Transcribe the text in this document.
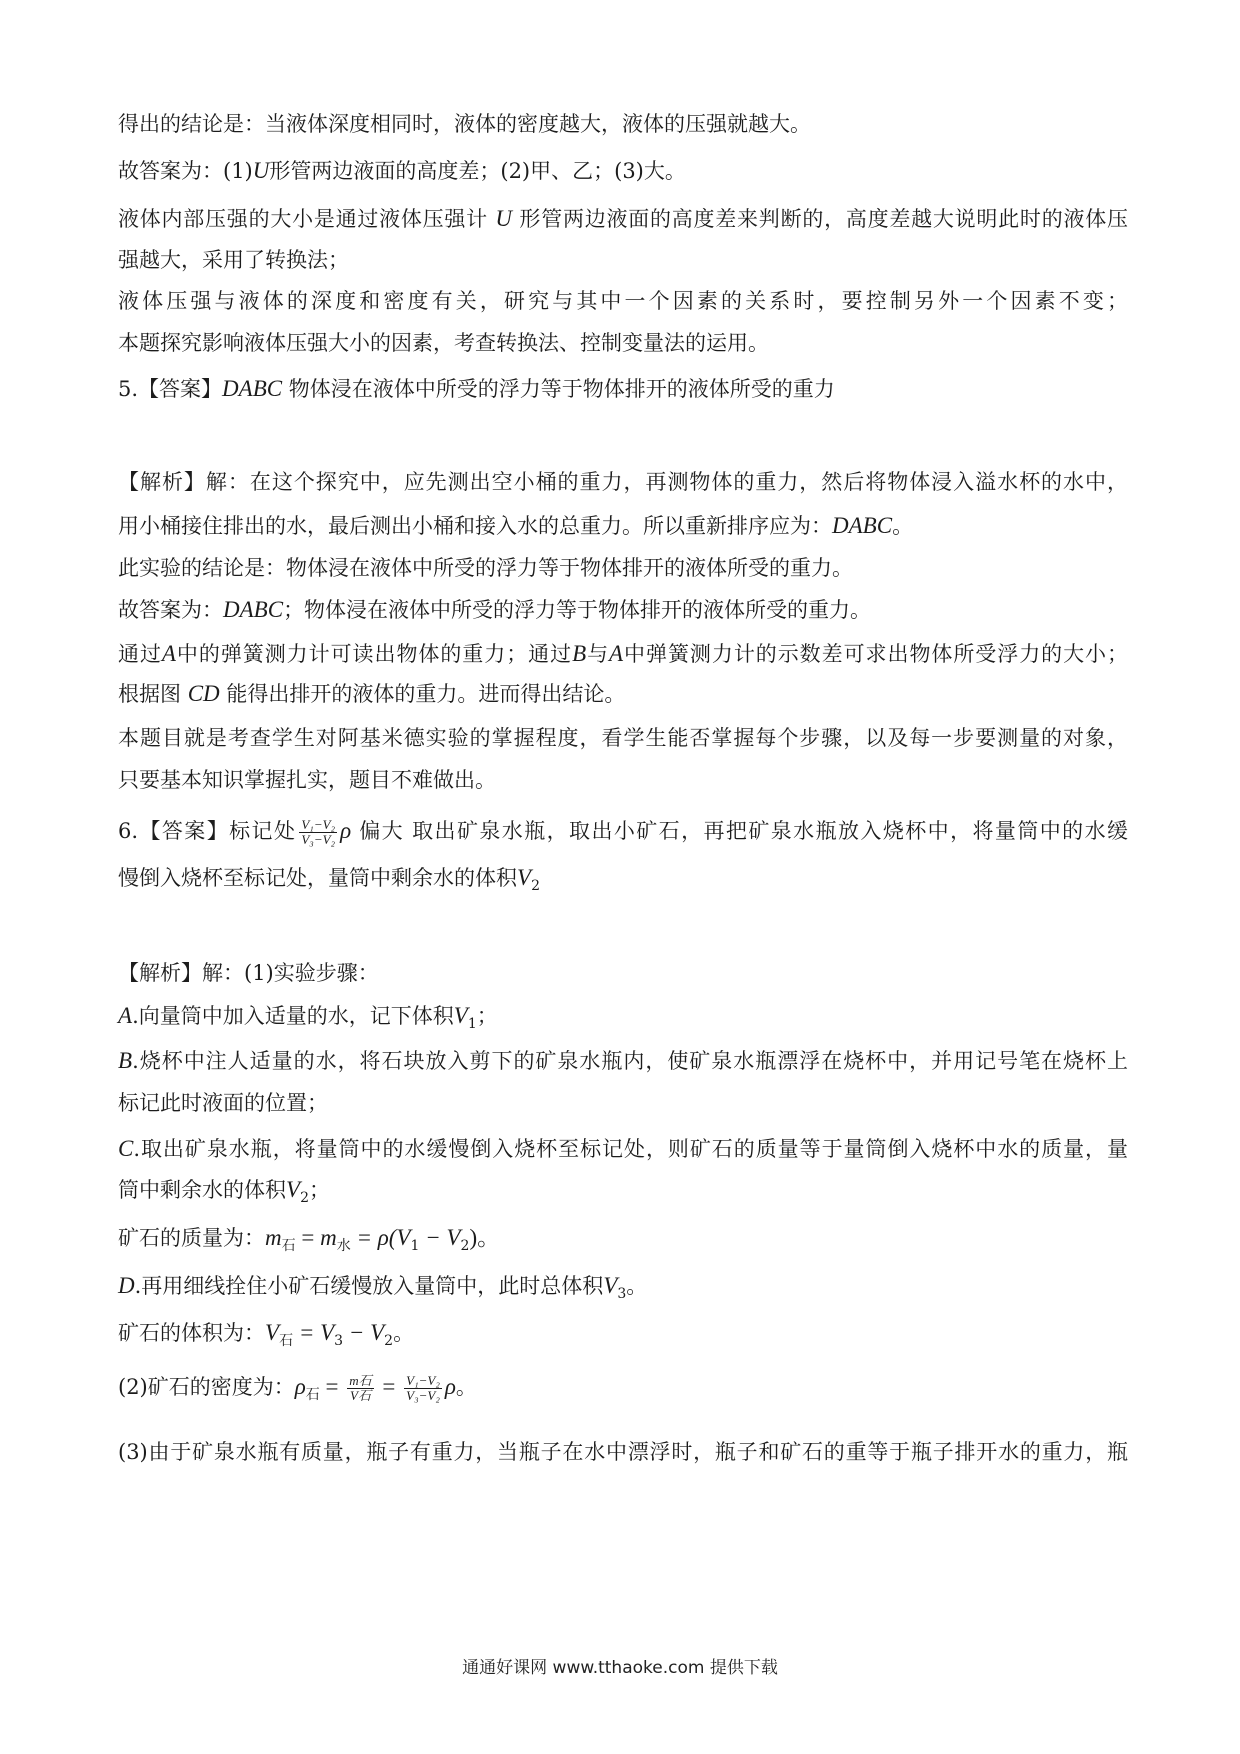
得出的结论是：当液体深度相同时，液体的密度越大，液体的压强就越大。
故答案为：(1)U形管两边液面的高度差；(2)甲、乙；(3)大。
液体内部压强的大小是通过液体压强计 U 形管两边液面的高度差来判断的，高度差越大说明此时的液体压
强越大，采用了转换法；
液体压强与液体的深度和密度有关，研究与其中一个因素的关系时，要控制另外一个因素不变；
本题探究影响液体压强大小的因素，考查转换法、控制变量法的运用。
5.【答案】DABC 物体浸在液体中所受的浮力等于物体排开的液体所受的重力
【解析】解：在这个探究中，应先测出空小桶的重力，再测物体的重力，然后将物体浸入溢水杯的水中，
用小桶接住排出的水，最后测出小桶和接入水的总重力。所以重新排序应为：DABC。
此实验的结论是：物体浸在液体中所受的浮力等于物体排开的液体所受的重力。
故答案为：DABC；物体浸在液体中所受的浮力等于物体排开的液体所受的重力。
通过A中的弹簧测力计可读出物体的重力；通过B与A中弹簧测力计的示数差可求出物体所受浮力的大小；
根据图 CD 能得出排开的液体的重力。进而得出结论。
本题目就是考查学生对阿基米德实验的掌握程度，看学生能否掌握每个步骤，以及每一步要测量的对象，
只要基本知识掌握扎实，题目不难做出。
6.【答案】标记处 $\frac{\text{V₁−V₂}}{\text{V₃−V₂}}$ ρ 偏大 取出矿泉水瓶，取出小矿石，再把矿泉水瓶放入烧杯中，将量筒中的水缓
慢倒入烧杯至标记处，量筒中剩余水的体积$V_2$
【解析】解：(1)实验步骤：
A.向量筒中加入适量的水，记下体积$V_1$；
B.烧杯中注人适量的水，将石块放入剪下的矿泉水瓶内，使矿泉水瓶漂浮在烧杯中，并用记号笔在烧杯上
标记此时液面的位置；
C.取出矿泉水瓶，将量筒中的水缓慢倒入烧杯至标记处，则矿石的质量等于量筒倒入烧杯中水的质量，量
筒中剩余水的体积$V_2$；
矿石的质量为：$m_石 = m_水 = \rho(V_1 - V_2)$。
D.再用细线拴住小矿石缓慢放入量筒中，此时总体积$V_3$。
矿石的体积为：$V_石 = V_3 - V_2$。
(2)矿石的密度为：$\rho_石 = \frac{\text{m石}}{\text{V石}} = \frac{\text{V₁−V₂}}{\text{V₃−V₂}}$ ρ。
(3)由于矿泉水瓶有质量，瓶子有重力，当瓶子在水中漂浮时，瓶子和矿石的重等于瓶子排开水的重力，瓶
通通好课网 www.tthaoke.com 提供下载
